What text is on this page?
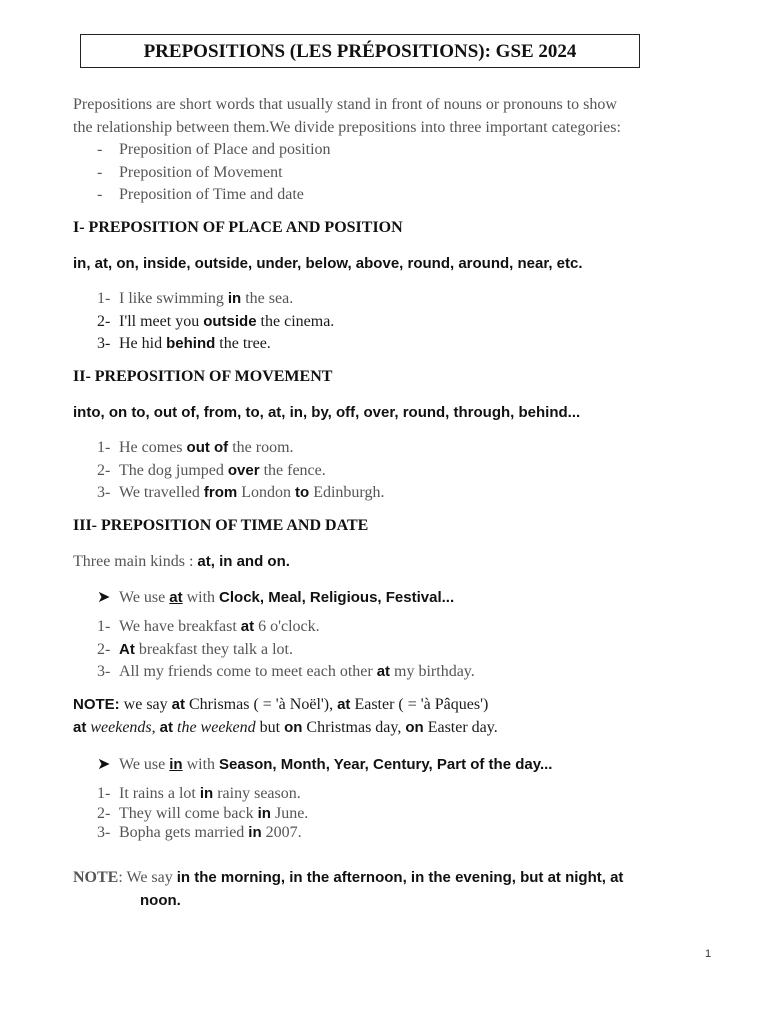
PREPOSITIONS (LES PRÉPOSITIONS): GSE 2024
Prepositions are short words that usually stand in front of nouns or pronouns to show
the relationship between them.We divide prepositions into three important categories:
- Preposition of Place and position
- Preposition of Movement
- Preposition of Time and date
I- PREPOSITION OF PLACE AND POSITION
in, at, on, inside, outside, under, below, above, round, around, near, etc.
1- I like swimming in the sea.
2- I'll meet you outside the cinema.
3- He hid behind the tree.
II- PREPOSITION OF MOVEMENT
into, on to, out of, from, to, at, in, by, off, over, round, through, behind...
1- He comes out of the room.
2- The dog jumped over the fence.
3- We travelled from London to Edinburgh.
III- PREPOSITION OF TIME AND DATE
Three main kinds : at, in and on.
➤ We use at with Clock, Meal, Religious, Festival...
1- We have breakfast at 6 o'clock.
2- At breakfast they talk a lot.
3- All my friends come to meet each other at my birthday.
NOTE: we say at Chrismas ( = 'à Noël'), at Easter ( = 'à Pâques')
at weekends, at the weekend but on Christmas day, on Easter day.
➤ We use in with Season, Month, Year, Century, Part of the day...
1- It rains a lot in rainy season.
2- They will come back in June.
3- Bopha gets married in 2007.
NOTE: We say in the morning, in the afternoon, in the evening, but at night, at
noon.
1
